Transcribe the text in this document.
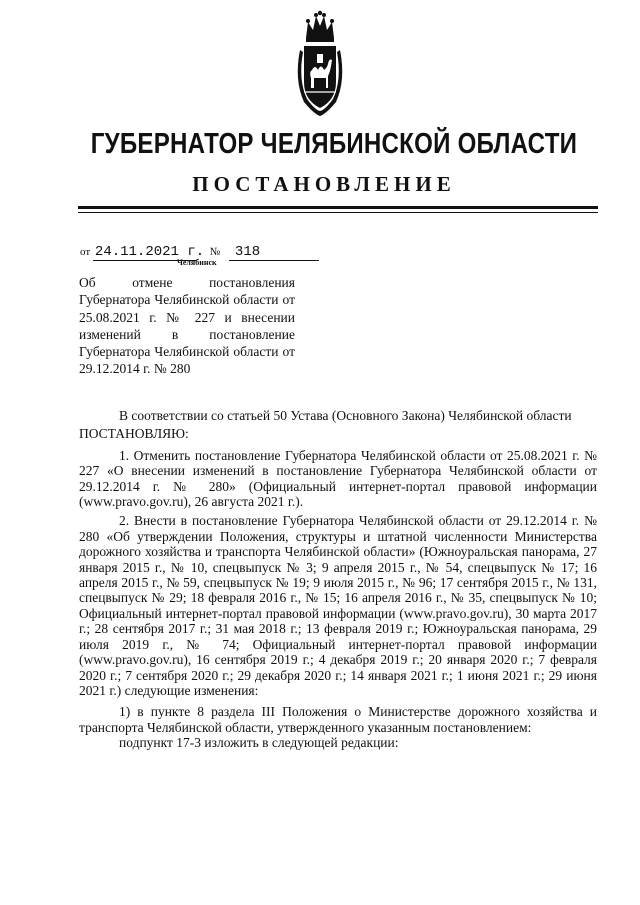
ГУБЕРНАТОР ЧЕЛЯБИНСКОЙ ОБЛАСТИ
ПОСТАНОВЛЕНИЕ
от 24.11.2021 г. № 318
Челябинск
Об отмене постановления Губернатора Челябинской области от 25.08.2021 г. № 227 и внесении изменений в постановление Губернатора Челябинской области от 29.12.2014 г. № 280

В соответствии со статьей 50 Устава (Основного Закона) Челябинской области

ПОСТАНОВЛЯЮ:

1. Отменить постановление Губернатора Челябинской области от 25.08.2021 г. № 227 «О внесении изменений в постановление Губернатора Челябинской области от 29.12.2014 г. № 280» (Официальный интернет-портал правовой информации (www.pravo.gov.ru), 26 августа 2021 г.).

2. Внести в постановление Губернатора Челябинской области от 29.12.2014 г. № 280 «Об утверждении Положения, структуры и штатной численности Министерства дорожного хозяйства и транспорта Челябинской области» (Южноуральская панорама, 27 января 2015 г., № 10, спецвыпуск № 3; 9 апреля 2015 г., № 54, спецвыпуск № 17; 16 апреля 2015 г., № 59, спецвыпуск № 19; 9 июля 2015 г., № 96; 17 сентября 2015 г., № 131, спецвыпуск № 29; 18 февраля 2016 г., № 15; 16 апреля 2016 г., № 35, спецвыпуск № 10; Официальный интернет-портал правовой информации (www.pravo.gov.ru), 30 марта 2017 г.; 28 сентября 2017 г.; 31 мая 2018 г.; 13 февраля 2019 г.; Южноуральская панорама, 29 июля 2019 г., № 74; Официальный интернет-портал правовой информации (www.pravo.gov.ru), 16 сентября 2019 г.; 4 декабря 2019 г.; 20 января 2020 г.; 7 февраля 2020 г.; 7 сентября 2020 г.; 29 декабря 2020 г.; 14 января 2021 г.; 1 июня 2021 г.; 29 июня 2021 г.) следующие изменения:

1) в пункте 8 раздела III Положения о Министерстве дорожного хозяйства и транспорта Челябинской области, утвержденного указанным постановлением:

подпункт 17-3 изложить в следующей редакции:
